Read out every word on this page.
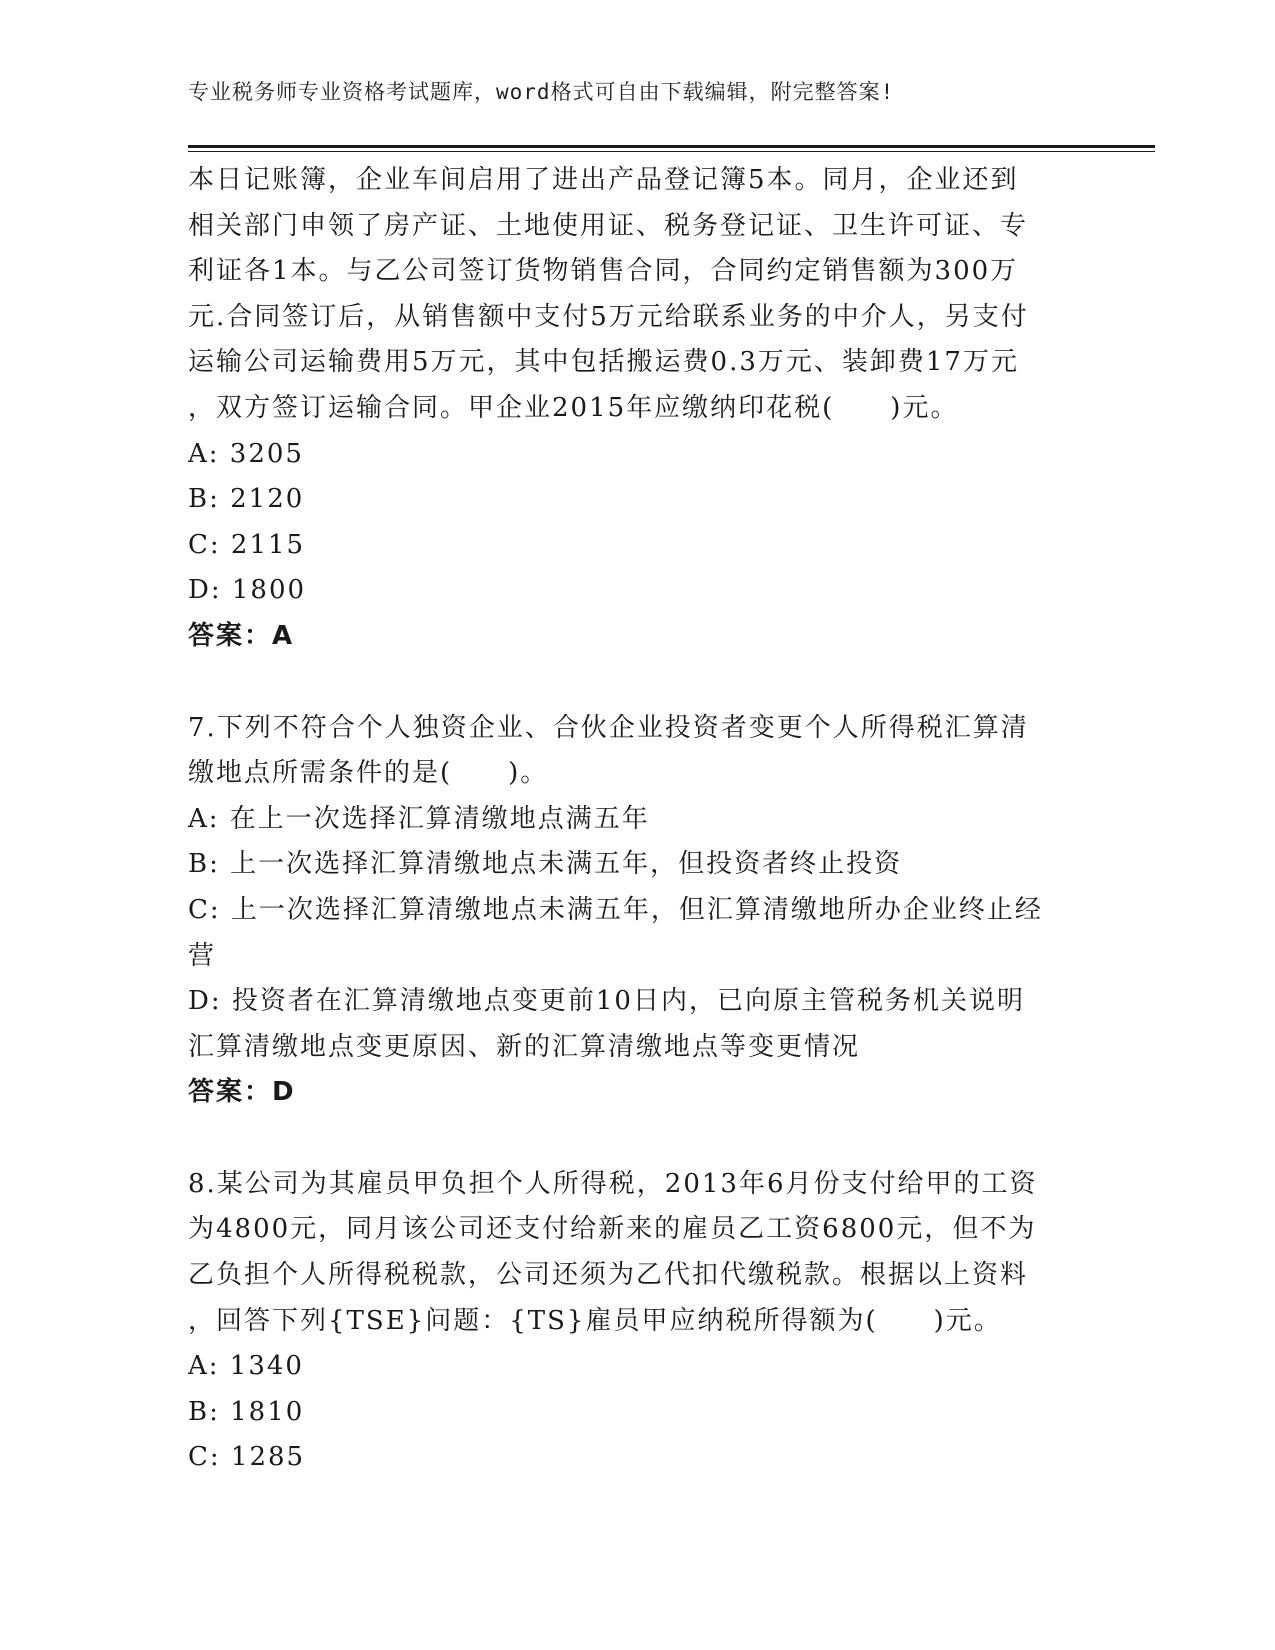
专业税务师专业资格考试题库，word格式可自由下载编辑，附完整答案!
本日记账簿，企业车间启用了进出产品登记簿5本。同月，企业还到
相关部门申领了房产证、土地使用证、税务登记证、卫生许可证、专
利证各1本。与乙公司签订货物销售合同，合同约定销售额为300万
元.合同签订后，从销售额中支付5万元给联系业务的中介人，另支付
运输公司运输费用5万元，其中包括搬运费0.3万元、装卸费17万元
，双方签订运输合同。甲企业2015年应缴纳印花税(　　)元。
A: 3205
B: 2120
C: 2115
D: 1800
答案：A
7.下列不符合个人独资企业、合伙企业投资者变更个人所得税汇算清
缴地点所需条件的是(　　)。
A: 在上一次选择汇算清缴地点满五年
B: 上一次选择汇算清缴地点未满五年，但投资者终止投资
C: 上一次选择汇算清缴地点未满五年，但汇算清缴地所办企业终止经
营
D: 投资者在汇算清缴地点变更前10日内，已向原主管税务机关说明
汇算清缴地点变更原因、新的汇算清缴地点等变更情况
答案：D
8.某公司为其雇员甲负担个人所得税，2013年6月份支付给甲的工资
为4800元，同月该公司还支付给新来的雇员乙工资6800元，但不为
乙负担个人所得税税款，公司还须为乙代扣代缴税款。根据以上资料
，回答下列{TSE}问题：{TS}雇员甲应纳税所得额为(　　)元。
A: 1340
B: 1810
C: 1285
